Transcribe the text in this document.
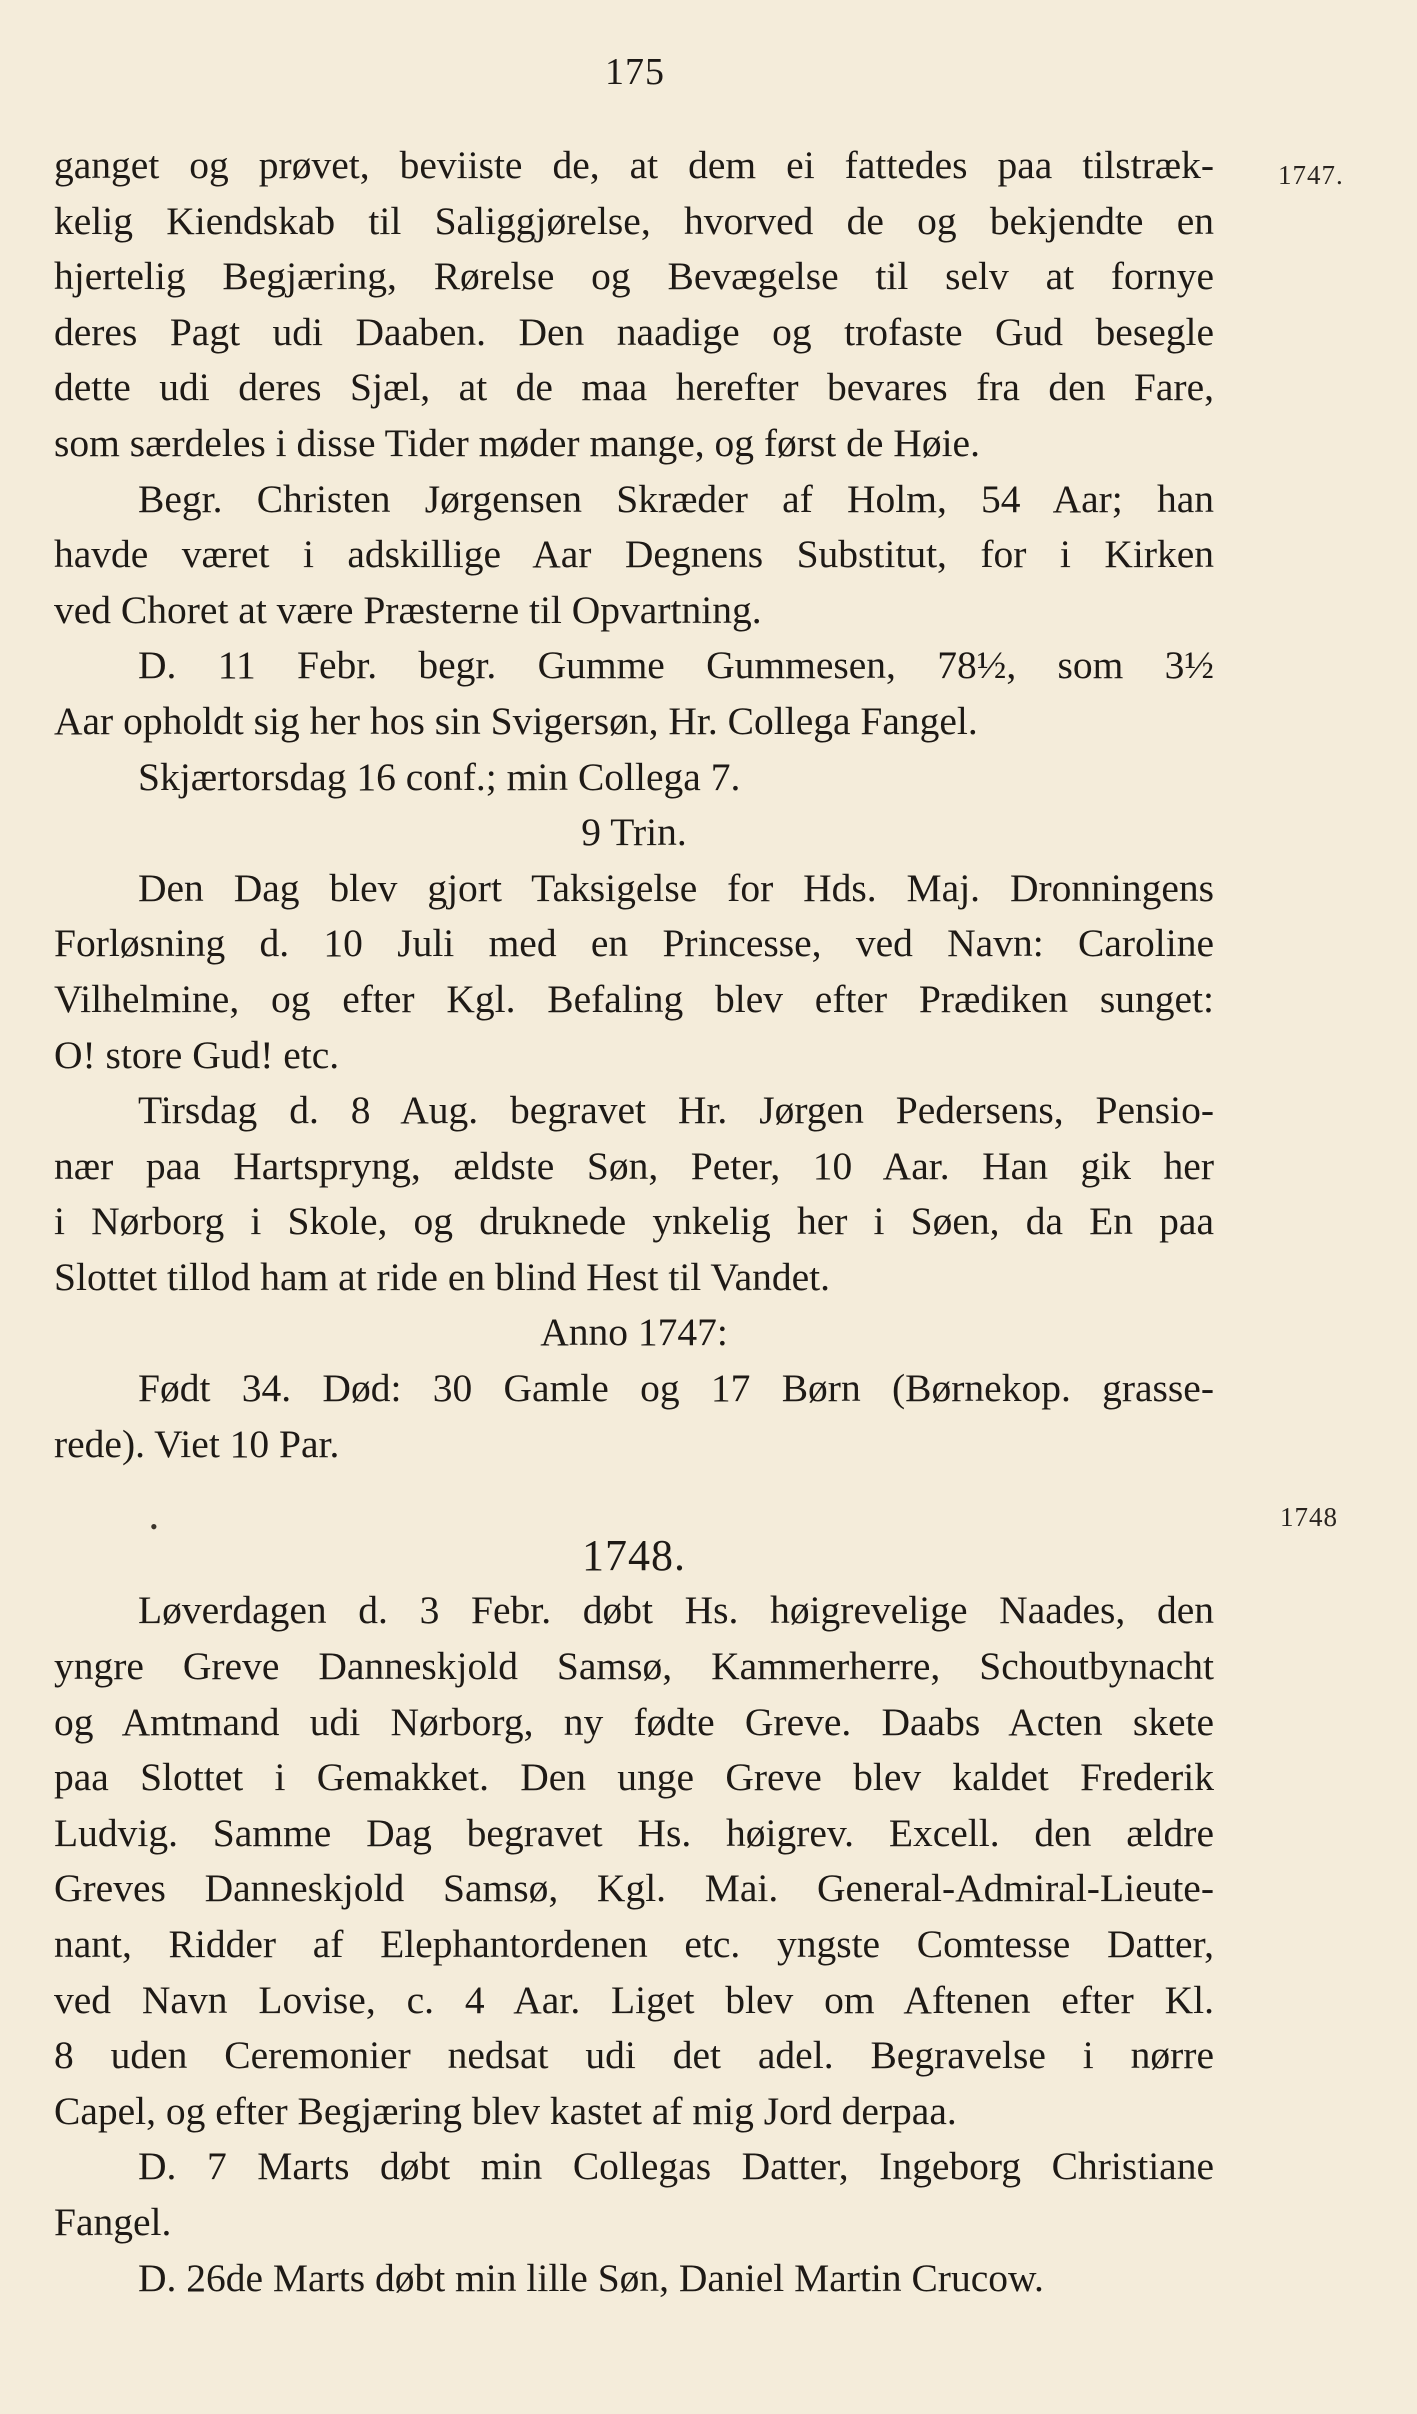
175
1747.
1748
•
ganget og prøvet, beviiste de, at dem ei fattedes paa tilstræk-
kelig Kiendskab til Saliggjørelse, hvorved de og bekjendte en
hjertelig Begjæring, Rørelse og Bevægelse til selv at fornye
deres Pagt udi Daaben. Den naadige og trofaste Gud besegle
dette udi deres Sjæl, at de maa herefter bevares fra den Fare,
som særdeles i disse Tider møder mange, og først de Høie.
Begr. Christen Jørgensen Skræder af Holm, 54 Aar; han
havde været i adskillige Aar Degnens Substitut, for i Kirken
ved Choret at være Præsterne til Opvartning.
D. 11 Febr. begr. Gumme Gummesen, 78½, som 3½
Aar opholdt sig her hos sin Svigersøn, Hr. Collega Fangel.
Skjærtorsdag 16 conf.; min Collega 7.
9 Trin.
Den Dag blev gjort Taksigelse for Hds. Maj. Dronningens
Forløsning d. 10 Juli med en Princesse, ved Navn: Caroline
Vilhelmine, og efter Kgl. Befaling blev efter Prædiken sunget:
O! store Gud! etc.
Tirsdag d. 8 Aug. begravet Hr. Jørgen Pedersens, Pensio-
nær paa Hartspryng, ældste Søn, Peter, 10 Aar. Han gik her
i Nørborg i Skole, og druknede ynkelig her i Søen, da En paa
Slottet tillod ham at ride en blind Hest til Vandet.
Anno 1747:
Født 34. Død: 30 Gamle og 17 Børn (Børnekop. grasse-
rede). Viet 10 Par.
1748.
Løverdagen d. 3 Febr. døbt Hs. høigrevelige Naades, den
yngre Greve Danneskjold Samsø, Kammerherre, Schoutbynacht
og Amtmand udi Nørborg, ny fødte Greve. Daabs Acten skete
paa Slottet i Gemakket. Den unge Greve blev kaldet Frederik
Ludvig. Samme Dag begravet Hs. høigrev. Excell. den ældre
Greves Danneskjold Samsø, Kgl. Mai. General-Admiral-Lieute-
nant, Ridder af Elephantordenen etc. yngste Comtesse Datter,
ved Navn Lovise, c. 4 Aar. Liget blev om Aftenen efter Kl.
8 uden Ceremonier nedsat udi det adel. Begravelse i nørre
Capel, og efter Begjæring blev kastet af mig Jord derpaa.
D. 7 Marts døbt min Collegas Datter, Ingeborg Christiane
Fangel.
D. 26de Marts døbt min lille Søn, Daniel Martin Crucow.
